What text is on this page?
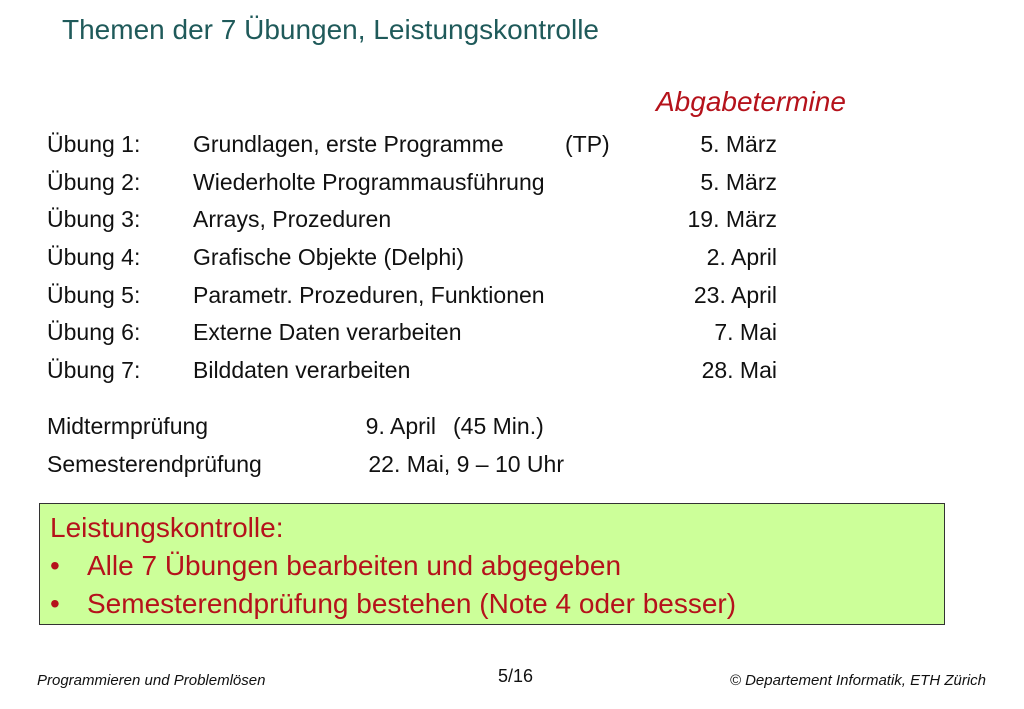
Themen der 7 Übungen, Leistungskontrolle
Abgabetermine
Übung 1: Grundlagen, erste Programme	(TP)	5. März
Übung 2: Wiederholte Programmausführung	5. März
Übung 3: Arrays, Prozeduren	19. März
Übung 4: Grafische Objekte (Delphi)	2. April
Übung 5: Parametr. Prozeduren, Funktionen	23. April
Übung 6: Externe Daten verarbeiten	7. Mai
Übung 7: Bilddaten verarbeiten	28. Mai
Midtermprüfung	9. April (45 Min.)
Semesterendprüfung	22. Mai, 9 – 10 Uhr
Leistungskontrolle:
• Alle 7 Übungen bearbeiten und abgegeben
• Semesterendprüfung bestehen (Note 4 oder besser)
Programmieren und Problemlösen	5/16	© Departement Informatik, ETH Zürich
